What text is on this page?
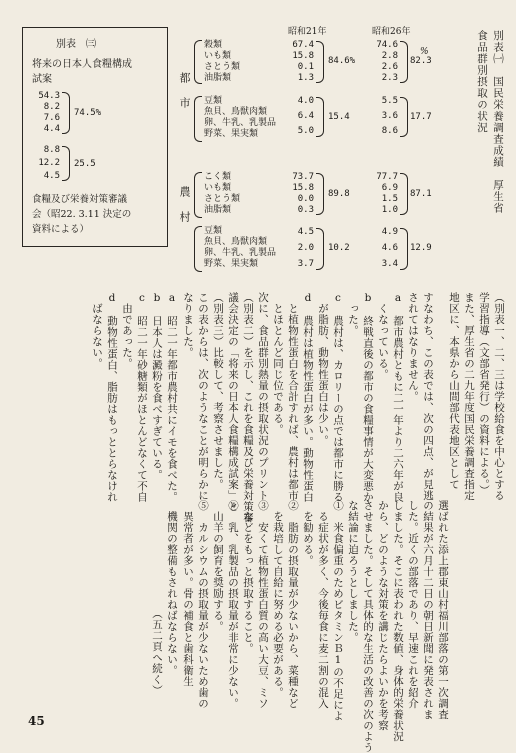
別表　㈢
将来の日本人食糧構成
試案
54.3
8.2
7.6
4.4
74.5%
8.8
12.2
4.5
25.5
食糧及び栄養対策審議
会（昭22. 3.11 決定の
資料による）
別表㈠　国民栄養調査成績　厚生省
食品群別摂取の状況
昭和21年	昭和26年
都市
農村
穀類
いも類
さとう類
油脂類
67.4
15.8
0.1
1.3
84.6%
74.6
2.8
2.6
2.3
%
82.3
豆類
魚貝、鳥獣肉類
卵、牛乳、乳製品
野菜、果実類
4.0
6.4
5.0
15.4
5.5
3.6
8.6
17.7
こく類
いも類
さとう類
油脂類
73.7
15.8
0.0
0.3
89.8
77.7
6.9
1.5
1.0
87.1
豆類
魚貝、鳥獣肉類
卵、牛乳、乳製品
野菜、果実類
4.5
2.0
3.7
10.2
4.9
4.6
3.4
12.9
すなわち、この表では、次の四点、が見逃
されてはなりません。
a　都市農村ともに二一年より二六年が良
　くなっている。
b　終戦直後の都市の食糧事情が大変悪か
　った。
c　農村は、カロリーの点では都市に勝る
　が脂肪、動物性蛋白は少い。
d　農村は植物性蛋白が多い。動物性蛋白
　と植物性蛋白を合計すれば、農村は都市
　とほとんど同じ位である。
次に、食品群別熱量の摂取状況のプリント
（別表二）を示し、これを食糧及び栄養対策審
議会決定の「将来の日本人食糧構成試案」と
（別表三）比較して、考察させました。
この表からは、次のようなことが明らかに
なりました。
a　昭二一年都市農村共にイモを食べた。
b　日本人は澱粉を食べすぎている。
c　昭二一年砂糖類がほとんどなくて不自
　由であった。
d　動物性蛋白、脂肪はもっととらなけれ
　ばならない。	（別表一、二、三は学校給食を中心とする
学習指導（文部省発行）の資料による。）
また、厚生省の二九年度国民栄養調査指定
地区に、本県から山間部代表地区として
選ばれた添上郡東山村福川部落の第一次調査
の結果が六月十二日の朝日新聞に発表されま
した。近くの部落であり、早速これを紹介
しました。そこに表われた数値、身体的栄養状況
から、どのような対策を講じたらよいかを考察
させました。そして具体的な生活の改善の次のよう
な結論に迫ろうとしました。
①　米食偏重のためビタミンＢ1の不足によ
　る症状が多く、今後毎食に麦二割の混入
　を勧める。
②　脂肪の摂取量が少ないから、菜種など
　を栽培して自給に努める必要がある。
③　安くて植物性蛋白質の高い大豆、ミソ
　などをもっと摂取すること。
④　乳、乳製品の摂取量が非常に少ない。
　山羊の飼育を奨励する。
⑤　カルシウムの摂取量が少ないため歯の
　異常者が多い。骨の補食と歯科衛生
　機関の整備もされねばならない。
（五二頁へ続く）
45
